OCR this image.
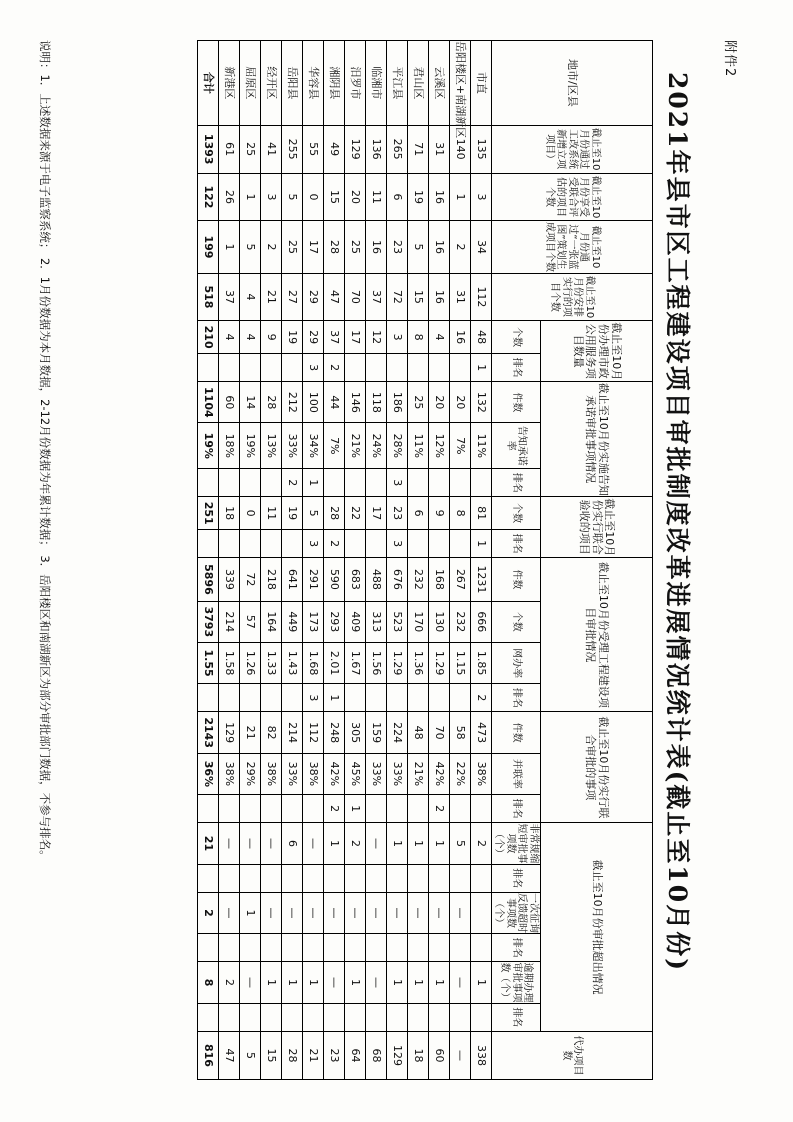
附件2
2021年县市区工程建设项目审批制度改革进展情况统计表(截止至10月份)
地市/区县	截止至10月份通过工改系统新增立项项目）	截止至10月份享受受联合评估的项目个数	截止至10月份通过“一张蓝图”策划生成项目个数	截止至10月份安排实行的项目个数	截止至10月份办理市政公用服务项目数量		截止至10月份实施告知承诺审批事项情况			截止至10月份实行联合验收的项目		截止至10月份受理工程建设项目审批情况				截止至10月份实行联合审批的事项			截止至10月份审批超出情况						代办项目数
					个数	排名	件数	告知承诺率	排名	个数	排名	件数	个数	网办率	排名	件数	并联率	排名	非常规缩短审批事项数（个）	排名	一次征询反馈超时事项数（个）	排名	逾期办理审批事项数（个）	排名	
市直	135	3	34	112	48	1	132	11%		81	1	1231	666	1.85	2	473	38%		2				1		338
岳阳楼区+南湖新区	140	1	2	31	16		20	7%		8		267	232	1.15		58	22%		5		—		—		—
云溪区	31	16	16	16	4		20	12%		9		168	130	1.29		70	42%	2	1		—		1		60
君山区	71	19	5	15	8		25	11%		6		232	170	1.36		48	21%		1		—		1		18
平江县	265	6	23	72	3		186	28%	3	23	3	676	523	1.29		224	33%		1		—		1		129
临湘市	136	11	16	37	12		118	24%		17		488	313	1.56		159	33%		—		—		—		68
汨罗市	129	20	25	70	17		146	21%		22		683	409	1.67		305	45%	1	2		—		1		64
湘阴县	49	15	28	47	37	2	44	7%		28	2	590	293	2.01	1	248	42%	2	1		—		—		23
华容县	55	0	17	29	29	3	100	34%	1	5	3	291	173	1.68	3	112	38%		—		—		1		21
岳阳县	255	5	25	27	19		212	33%	2	19		641	449	1.43		214	33%		6		—		1		28
经开区	41	3	2	21	9		28	13%		11		218	164	1.33		82	38%		—		—		1		15
屈原区	25	1	5	4	4		14	19%		0		72	57	1.26		21	29%		—		1		—		5
新港区	61	26	1	37	4		60	18%		18		339	214	1.58		129	38%		—		—		2		47
合计	1393	122	199	518	210		1104	19%		251		5896	3793	1.55		2143	36%		21		2		8		816
说明：1．上述数据来源于电子监察系统； 2．1月份数据为本月数据，2-12月份数据为年累计数据； 3．岳阳楼区和南湖新区为部分审批部门数据，不参与排名。
